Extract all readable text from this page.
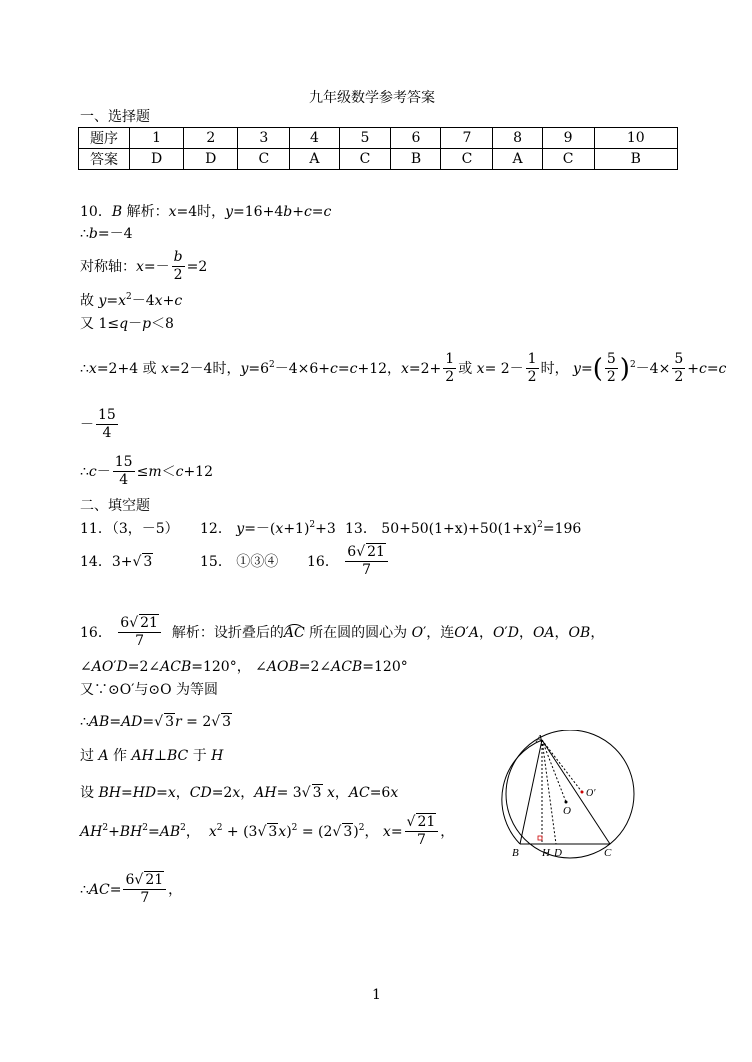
九年级数学参考答案
一、选择题
题序	1	2	3	4	5	6	7	8	9	10
答案	D	D	C	A	C	B	C	A	C	B
10．B 解析：x=4时，y=16+4b+c=c
∴b=－4
对称轴：$x=- \frac{b}{2} =2$
故 $y=x^2-4x+c$
又 1≤q－p＜8
∴x=2+4 或 x=2－4时，$y=6^2-4\times 6+c=c+12$，$x=2+ \frac{1}{2}$ 或 $x= 2- \frac{1}{2}$ 时， $y=( \frac{5}{2} )^2-4\times \frac{5}{2} +c=c$
－ $\frac{15}{4}$
∴c－ $\frac{15}{4} \le m<c+12$
二、填空题
11．（3，－5） 12． $y=-(x+1)^2+3$ 13． $50+50(1+x)+50(1+x)^2=196$
14．3+√ 3	15． ①③④ 16． $\frac{6√ 21}{7}$
16． $\frac{6√ 21}{7}$ 解析：设折叠后的AC 所在圆的圆心为 O′，连O′A，O′D，OA，OB，
∠AO′D=2∠ACB=120°， ∠AOB=2∠ACB=120°
又∵⊙O′与⊙O 为等圆
∴AB=AD=√ 3r = 2√ 3
过 A 作 AH⊥BC 于 H
设 BH=HD=x，CD=2x，AH= 3√ 3 x，AC=6x
$AH^2+BH^2=AB^2$，  $x^2 + (3√$ 3x)$^2$ = (2√ 3)$^2$， $x= \frac{√ 21}{7}$ ，
∴AC= $\frac{6√ 21}{7}$ ，
A
B	C
H D
O
O′
1
